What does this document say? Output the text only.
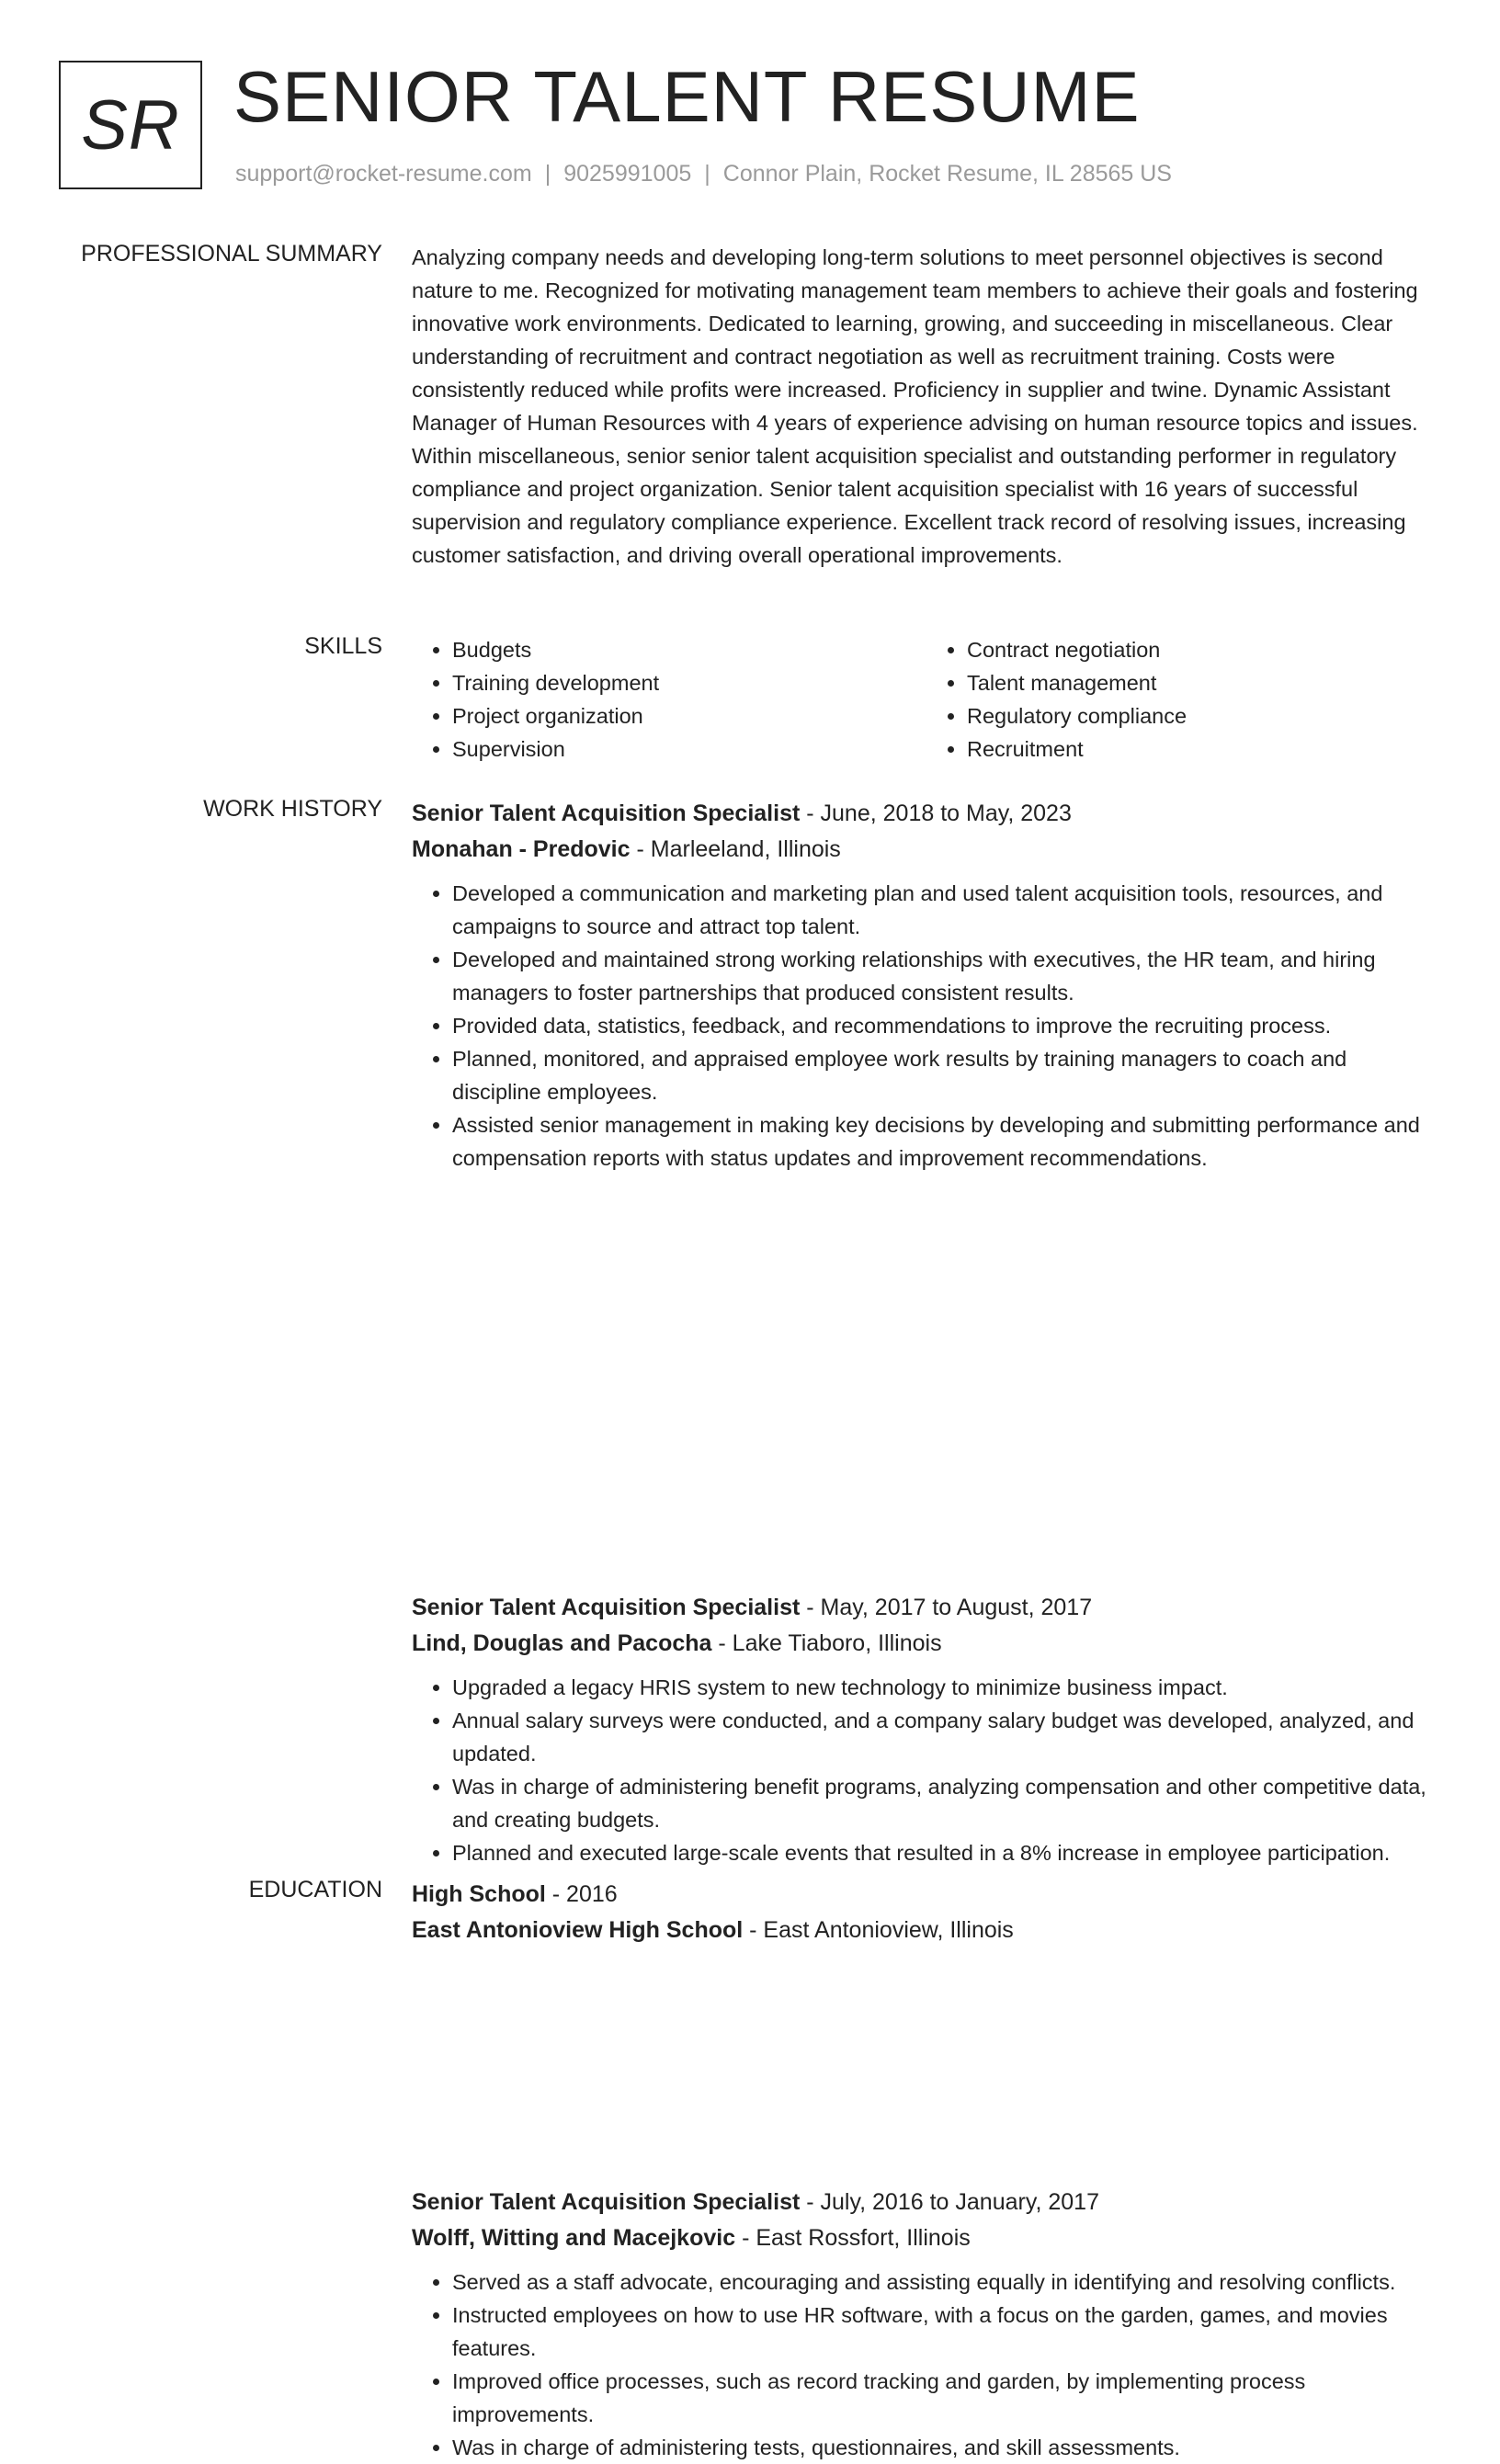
SR SENIOR TALENT RESUME
support@rocket-resume.com | 9025991005 | Connor Plain, Rocket Resume, IL 28565 US
PROFESSIONAL SUMMARY Analyzing company needs and developing long-term solutions to meet personnel objectives is second nature to me. Recognized for motivating management team members to achieve their goals and fostering innovative work environments. Dedicated to learning, growing, and succeeding in miscellaneous. Clear understanding of recruitment and contract negotiation as well as recruitment training. Costs were consistently reduced while profits were increased. Proficiency in supplier and twine. Dynamic Assistant Manager of Human Resources with 4 years of experience advising on human resource topics and issues. Within miscellaneous, senior senior talent acquisition specialist and outstanding performer in regulatory compliance and project organization. Senior talent acquisition specialist with 16 years of successful supervision and regulatory compliance experience. Excellent track record of resolving issues, increasing customer satisfaction, and driving overall operational improvements.

SKILLS
•	Budgets
• Training development
• Project organization
• Supervision
• Contract negotiation
• Talent management
• Regulatory compliance
• Recruitment
WORK HISTORY Senior Talent Acquisition Specialist - June, 2018 to May, 2023
Monahan - Predovic - Marleeland, Illinois
• Developed a communication and marketing plan and used talent acquisition tools, resources, and campaigns to source and attract top talent.
• Developed and maintained strong working relationships with executives, the HR team, and hiring managers to foster partnerships that produced consistent results.
• Provided data, statistics, feedback, and recommendations to improve the recruiting process.
• Planned, monitored, and appraised employee work results by training managers to coach and discipline employees.
• Assisted senior management in making key decisions by developing and submitting performance and compensation reports with status updates and improvement recommendations.
Senior Talent Acquisition Specialist - May, 2017 to August, 2017
Lind, Douglas and Pacocha - Lake Tiaboro, Illinois
• Upgraded a legacy HRIS system to new technology to minimize business impact.
• Annual salary surveys were conducted, and a company salary budget was developed, analyzed, and updated.
• Was in charge of administering benefit programs, analyzing compensation and other competitive data, and creating budgets.
• Planned and executed large-scale events that resulted in a 8% increase in employee participation.
Senior Talent Acquisition Specialist - July, 2016 to January, 2017
Wolff, Witting and Macejkovic - East Rossfort, Illinois
• Served as a staff advocate, encouraging and assisting equally in identifying and resolving conflicts.
• Instructed employees on how to use HR software, with a focus on the garden, games, and movies features.
• Improved office processes, such as record tracking and garden, by implementing process improvements.
• Was in charge of administering tests, questionnaires, and skill assessments.
EDUCATION High School - 2016
East Antonioview High School - East Antonioview, Illinois
